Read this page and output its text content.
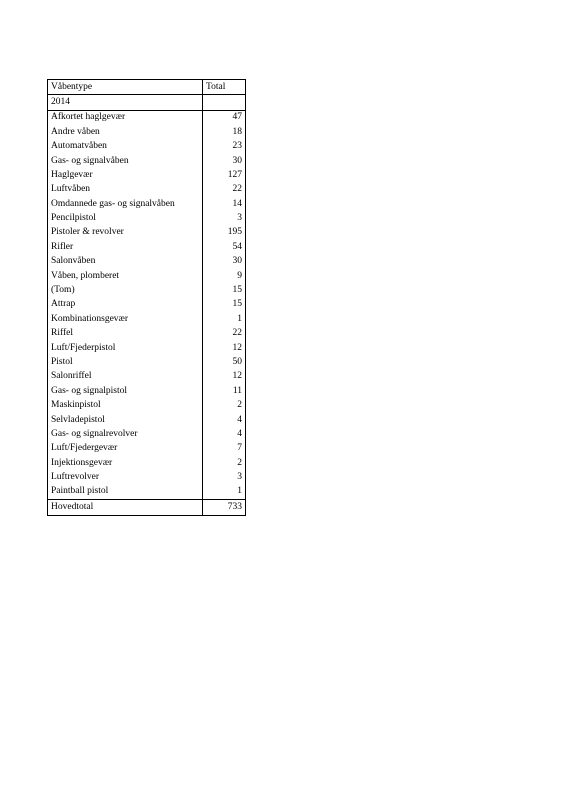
Våbentype	Total
2014	
Afkortet haglgevær	47
Andre våben	18
Automatvåben	23
Gas- og signalvåben	30
Haglgevær	127
Luftvåben	22
Omdannede gas- og signalvåben	14
Pencilpistol	3
Pistoler & revolver	195
Rifler	54
Salonvåben	30
Våben, plomberet	9
(Tom)	15
Attrap	15
Kombinationsgevær	1
Riffel	22
Luft/Fjederpistol	12
Pistol	50
Salonriffel	12
Gas- og signalpistol	11
Maskinpistol	2
Selvladepistol	4
Gas- og signalrevolver	4
Luft/Fjedergevær	7
Injektionsgevær	2
Luftrevolver	3
Paintball pistol	1
Hovedtotal	733
